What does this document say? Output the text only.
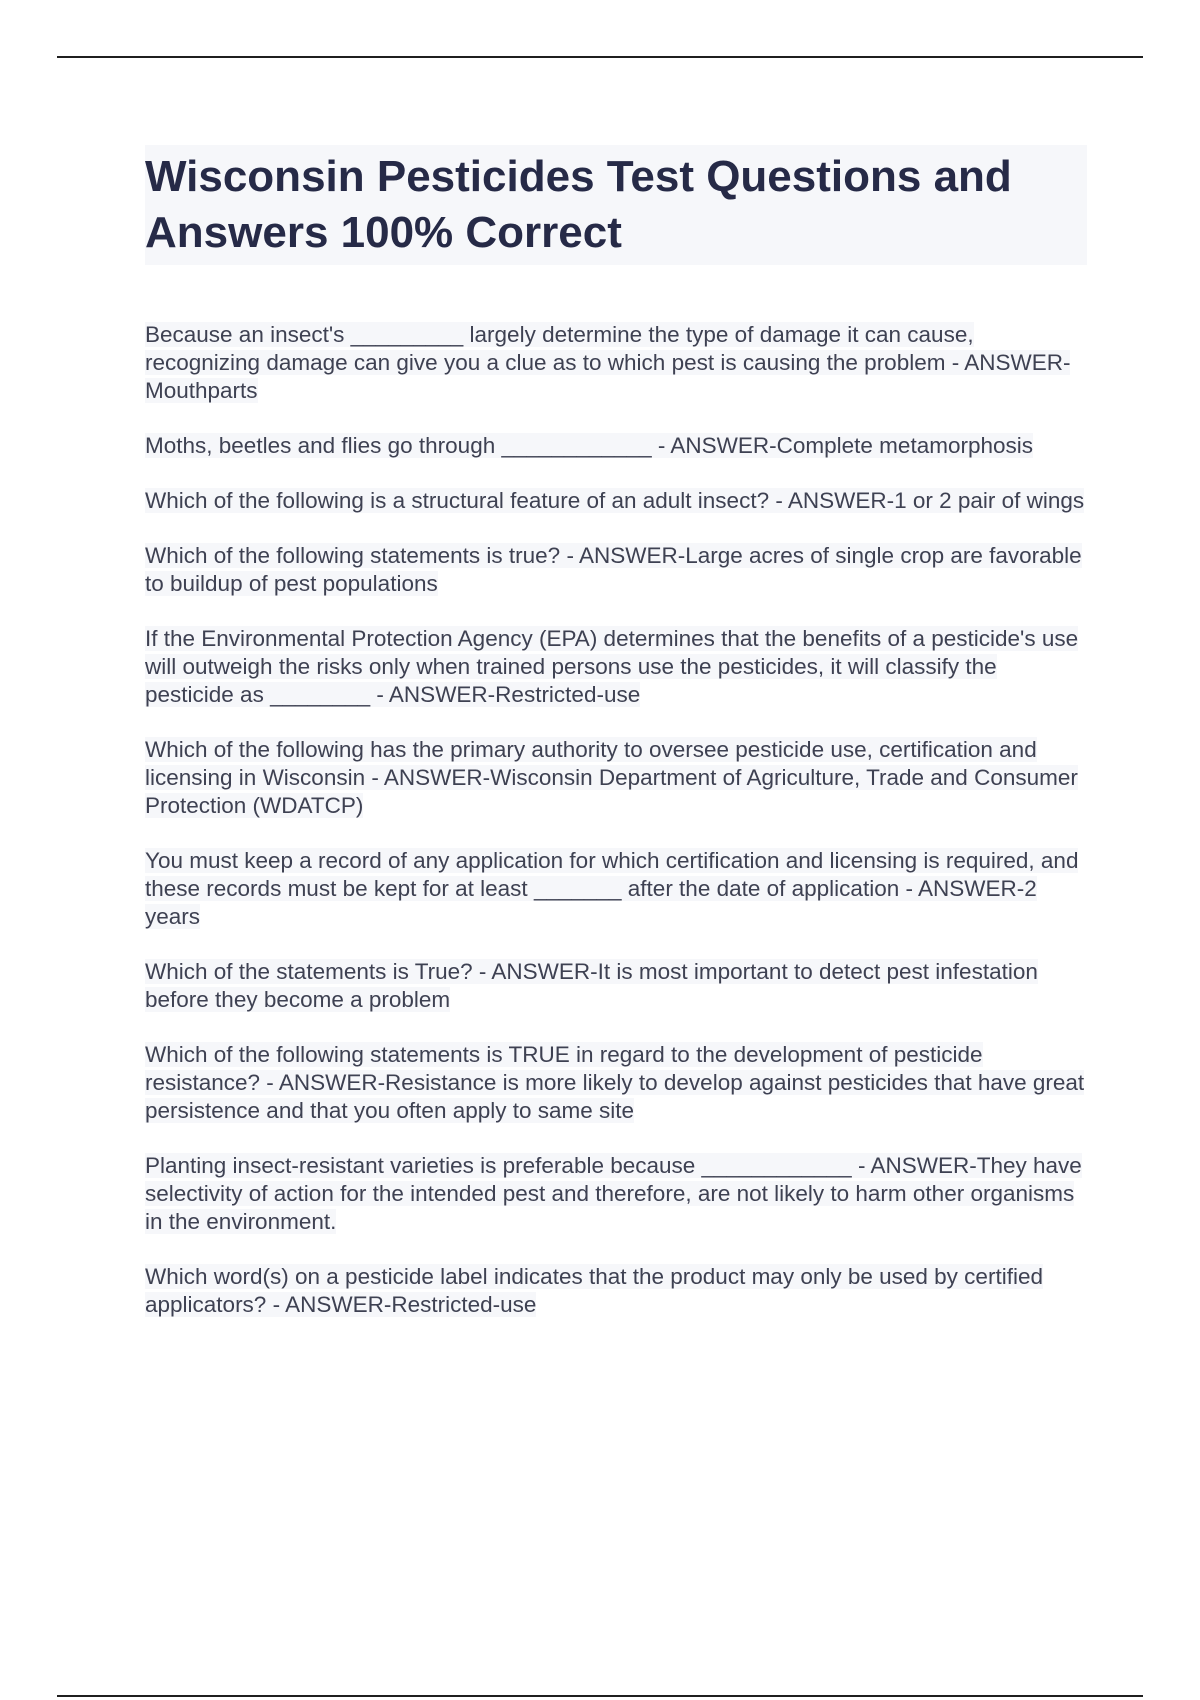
Wisconsin Pesticides Test Questions and Answers 100% Correct
Because an insect's _________ largely determine the type of damage it can cause, recognizing damage can give you a clue as to which pest is causing the problem - ANSWER-Mouthparts
Moths, beetles and flies go through ____________ - ANSWER-Complete metamorphosis
Which of the following is a structural feature of an adult insect? - ANSWER-1 or 2 pair of wings
Which of the following statements is true? - ANSWER-Large acres of single crop are favorable to buildup of pest populations
If the Environmental Protection Agency (EPA) determines that the benefits of a pesticide's use will outweigh the risks only when trained persons use the pesticides, it will classify the pesticide as ________ - ANSWER-Restricted-use
Which of the following has the primary authority to oversee pesticide use, certification and licensing in Wisconsin - ANSWER-Wisconsin Department of Agriculture, Trade and Consumer Protection (WDATCP)
You must keep a record of any application for which certification and licensing is required, and these records must be kept for at least _______ after the date of application - ANSWER-2 years
Which of the statements is True? - ANSWER-It is most important to detect pest infestation before they become a problem
Which of the following statements is TRUE in regard to the development of pesticide resistance? - ANSWER-Resistance is more likely to develop against pesticides that have great persistence and that you often apply to same site
Planting insect-resistant varieties is preferable because ____________ - ANSWER-They have selectivity of action for the intended pest and therefore, are not likely to harm other organisms in the environment.
Which word(s) on a pesticide label indicates that the product may only be used by certified applicators? - ANSWER-Restricted-use
